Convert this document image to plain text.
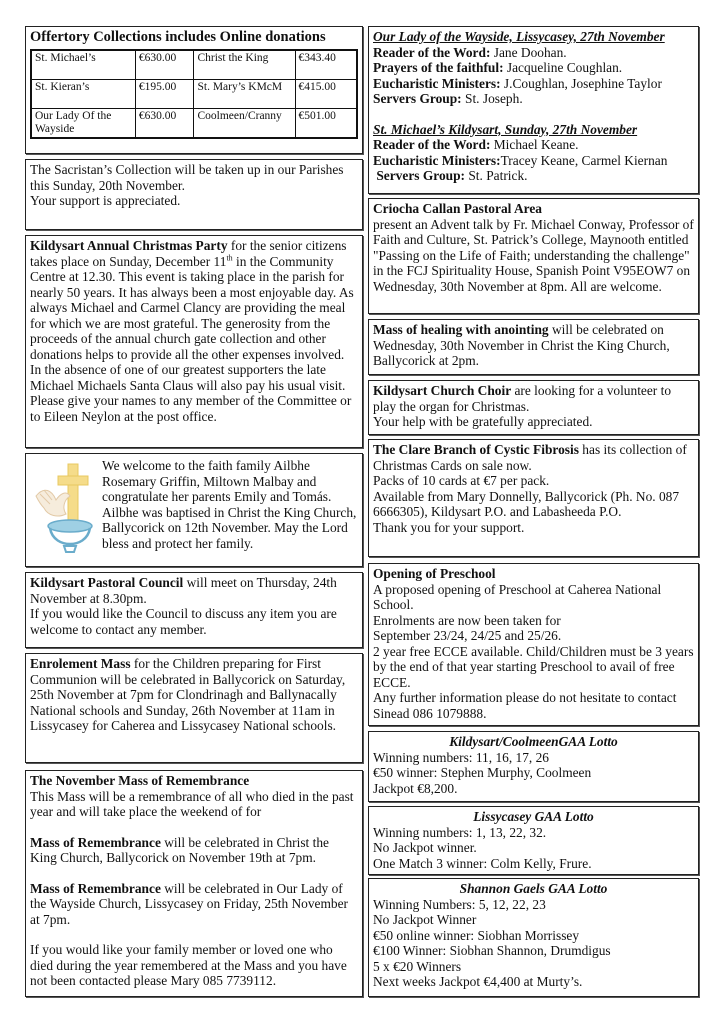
Offertory Collections includes Online donations
St. Michael’s	€630.00	Christ the King	€343.40
St. Kieran’s	€195.00	St. Mary’s KMcM	€415.00
Our Lady Of the Wayside	€630.00	Coolmeen/Cranny	€501.00
The Sacristan’s Collection will be taken up in our Parishes this Sunday, 20th November.
Your support is appreciated.
Kildysart Annual Christmas Party for the senior citizens takes place on Sunday, December 11th in the Community Centre at 12.30. This event is taking place in the parish for nearly 50 years. It has always been a most enjoyable day. As always Michael and Carmel Clancy are providing the meal for which we are most grateful. The generosity from the proceeds of the annual church gate collection and other donations helps to provide all the other expenses involved. In the absence of one of our greatest supporters the late Michael Michaels Santa Claus will also pay his usual visit. Please give your names to any member of the Committee or to Eileen Neylon at the post office.
We welcome to the faith family Ailbhe Rosemary Griffin, Miltown Malbay and congratulate her parents Emily and Tomás. Ailbhe was baptised in Christ the King Church, Ballycorick on 12th November. May the Lord bless and protect her family.
Kildysart Pastoral Council will meet on Thursday, 24th November at 8.30pm.
If you would like the Council to discuss any item you are welcome to contact any member.
Enrolement Mass for the Children preparing for First Communion will be celebrated in Ballycorick on Saturday, 25th November at 7pm for Clondrinagh and Ballynacally National schools and Sunday, 26th November at 11am in Lissycasey for Caherea and Lissycasey National schools.
The November Mass of Remembrance
This Mass will be a remembrance of all who died in the past year and will take place the weekend of for
Mass of Remembrance will be celebrated in Christ the King Church, Ballycorick on November 19th at 7pm.
Mass of Remembrance will be celebrated in Our Lady of the Wayside Church, Lissycasey on Friday, 25th November at 7pm.
If you would like your family member or loved one who died during the year remembered at the Mass and you have not been contacted please Mary 085 7739112.
Our Lady of the Wayside, Lissycasey, 27th November
Reader of the Word: Jane Doohan.
Prayers of the faithful: Jacqueline Coughlan.
Eucharistic Ministers: J.Coughlan, Josephine Taylor
Servers Group: St. Joseph.
St. Michael’s Kildysart, Sunday, 27th November
Reader of the Word: Michael Keane.
Eucharistic Ministers:Tracey Keane, Carmel Kiernan
Servers Group: St. Patrick.
Criocha Callan Pastoral Area
present an Advent talk by Fr. Michael Conway, Professor of Faith and Culture, St. Patrick’s College, Maynooth entitled "Passing on the Life of Faith; understanding the challenge" in the FCJ Spirituality House, Spanish Point V95EOW7 on Wednesday, 30th November at 8pm. All are welcome.
Mass of healing with anointing will be celebrated on Wednesday, 30th November in Christ the King Church, Ballycorick at 2pm.
Kildysart Church Choir are looking for a volunteer to play the organ for Christmas.
Your help with be gratefully appreciated.
The Clare Branch of Cystic Fibrosis has its collection of Christmas Cards on sale now.
Packs of 10 cards at €7 per pack.
Available from Mary Donnelly, Ballycorick (Ph. No. 087 6666305), Kildysart P.O. and Labasheeda P.O.
Thank you for your support.
Opening of Preschool
A proposed opening of Preschool at Caherea National School.
Enrolments are now been taken for
September 23/24, 24/25 and 25/26.
2 year free ECCE available. Child/Children must be 3 years by the end of that year starting Preschool to avail of free ECCE.
Any further information please do not hesitate to contact Sinead 086 1079888.
Kildysart/CoolmeenGAA Lotto
Winning numbers: 11, 16, 17, 26
€50 winner: Stephen Murphy, Coolmeen
Jackpot €8,200.
Lissycasey GAA Lotto
Winning numbers: 1, 13, 22, 32.
No Jackpot winner.
One Match 3 winner: Colm Kelly, Frure.
Shannon Gaels GAA Lotto
Winning Numbers: 5, 12, 22, 23
No Jackpot Winner
€50 online winner: Siobhan Morrissey
€100 Winner: Siobhan Shannon, Drumdigus
5 x €20 Winners
Next weeks Jackpot €4,400 at Murty’s.
